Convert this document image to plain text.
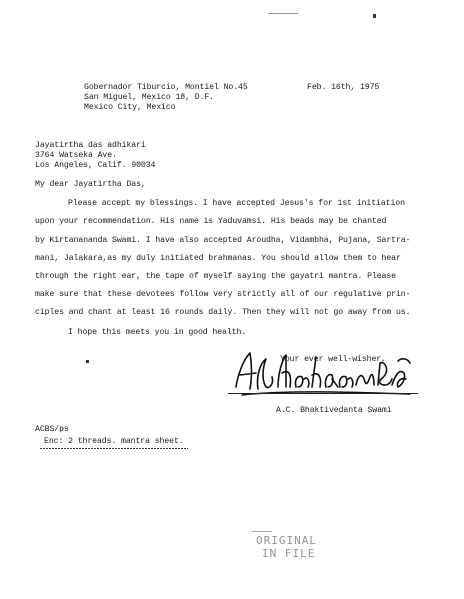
Gobernador Tiburcio, Montiel No.45
San Miguel, Mexico 18, D.F.
Mexico City, Mexico
Feb. 16th, 1975
Jayatirtha das adhikari
3764 Watseka Ave.
Los Angeles, Calif. 90034
My dear Jayatirtha Das,
Please accept my blessings. I have accepted Jesus's for 1st initiation
upon your recommendation. His name is Yaduvamsi. His beads may be chanted
by Kirtanananda Swami. I have also accepted Aroudha, Vidambha, Pujana, Sartra-
mani, Jalakara,as my duly initiated brahmanas. You should allow them to hear
through the right ear, the tape of myself saying the gayatri mantra. Please
make sure that these devotees follow very strictly all of our regulative prin-
ciples and chant at least 16 rounds daily. Then they will not go away from us.
I hope this meets you in good health.
Your ever well-wisher,
A.C. Bhaktivedanta Swami
ACBS/ps
Enc: 2 threads. mantra sheet.
ORIGINAL
IN FILE
